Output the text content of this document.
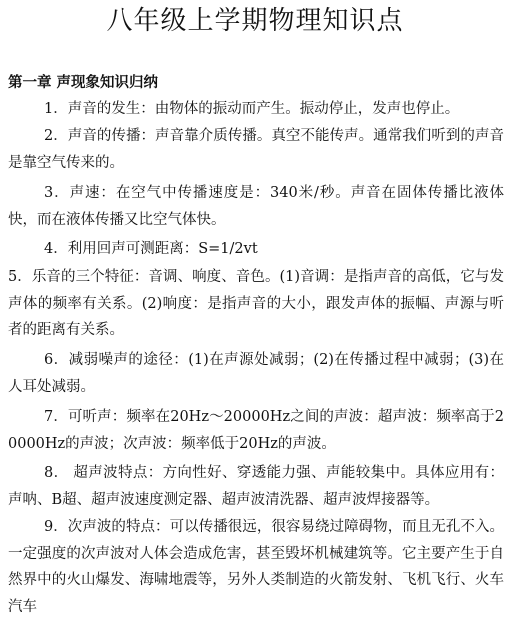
八年级上学期物理知识点

第一章 声现象知识归纳

1．声音的发生：由物体的振动而产生。振动停止，发声也停止。

2．声音的传播：声音靠介质传播。真空不能传声。通常我们听到的声音是靠空气传来的。

3．声速：在空气中传播速度是：340米/秒。声音在固体传播比液体快，而在液体传播又比空气体快。

4．利用回声可测距离：S=1/2vt

5．乐音的三个特征：音调、响度、音色。(1)音调：是指声音的高低，它与发声体的频率有关系。(2)响度：是指声音的大小，跟发声体的振幅、声源与听者的距离有关系。

6．减弱噪声的途径：(1)在声源处减弱；(2)在传播过程中减弱；(3)在人耳处减弱。

7．可听声：频率在20Hz～20000Hz之间的声波：超声波：频率高于20000Hz的声波；次声波：频率低于20Hz的声波。

8． 超声波特点：方向性好、穿透能力强、声能较集中。具体应用有：声呐、B超、超声波速度测定器、超声波清洗器、超声波焊接器等。

9．次声波的特点：可以传播很远，很容易绕过障碍物，而且无孔不入。一定强度的次声波对人体会造成危害，甚至毁坏机械建筑等。它主要产生于自然界中的火山爆发、海啸地震等，另外人类制造的火箭发射、飞机飞行、火车汽车
